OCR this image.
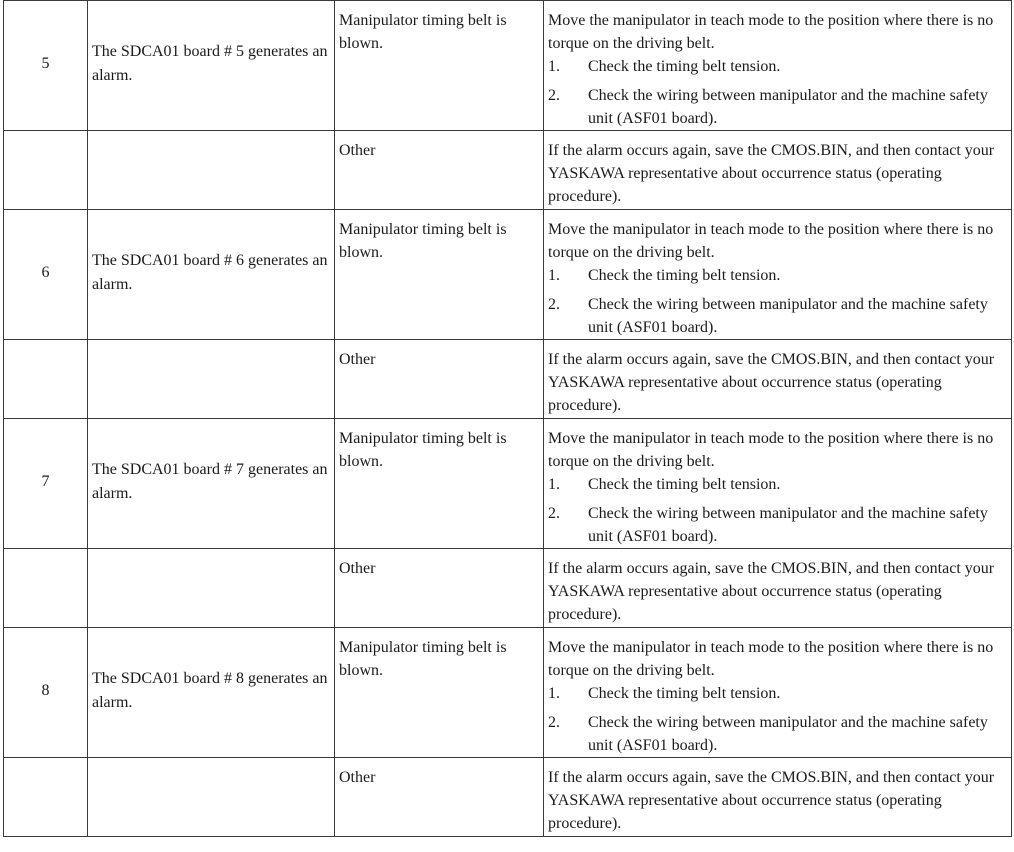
5	The SDCA01 board # 5 generates an alarm.	Manipulator timing belt is blown.	Move the manipulator in teach mode to the position where there is no torque on the driving belt.
1. Check the timing belt tension.
2. Check the wiring between manipulator and the machine safety unit (ASF01 board).

		Other	If the alarm occurs again, save the CMOS.BIN, and then contact your YASKAWA representative about occurrence status (operating procedure).

6	The SDCA01 board # 6 generates an alarm.	Manipulator timing belt is blown.	Move the manipulator in teach mode to the position where there is no torque on the driving belt.
1. Check the timing belt tension.
2. Check the wiring between manipulator and the machine safety unit (ASF01 board).

		Other	If the alarm occurs again, save the CMOS.BIN, and then contact your YASKAWA representative about occurrence status (operating procedure).

7	The SDCA01 board # 7 generates an alarm.	Manipulator timing belt is blown.	Move the manipulator in teach mode to the position where there is no torque on the driving belt.
1. Check the timing belt tension.
2. Check the wiring between manipulator and the machine safety unit (ASF01 board).

		Other	If the alarm occurs again, save the CMOS.BIN, and then contact your YASKAWA representative about occurrence status (operating procedure).

8	The SDCA01 board # 8 generates an alarm.	Manipulator timing belt is blown.	Move the manipulator in teach mode to the position where there is no torque on the driving belt.
1. Check the timing belt tension.
2. Check the wiring between manipulator and the machine safety unit (ASF01 board).

		Other	If the alarm occurs again, save the CMOS.BIN, and then contact your YASKAWA representative about occurrence status (operating procedure).
